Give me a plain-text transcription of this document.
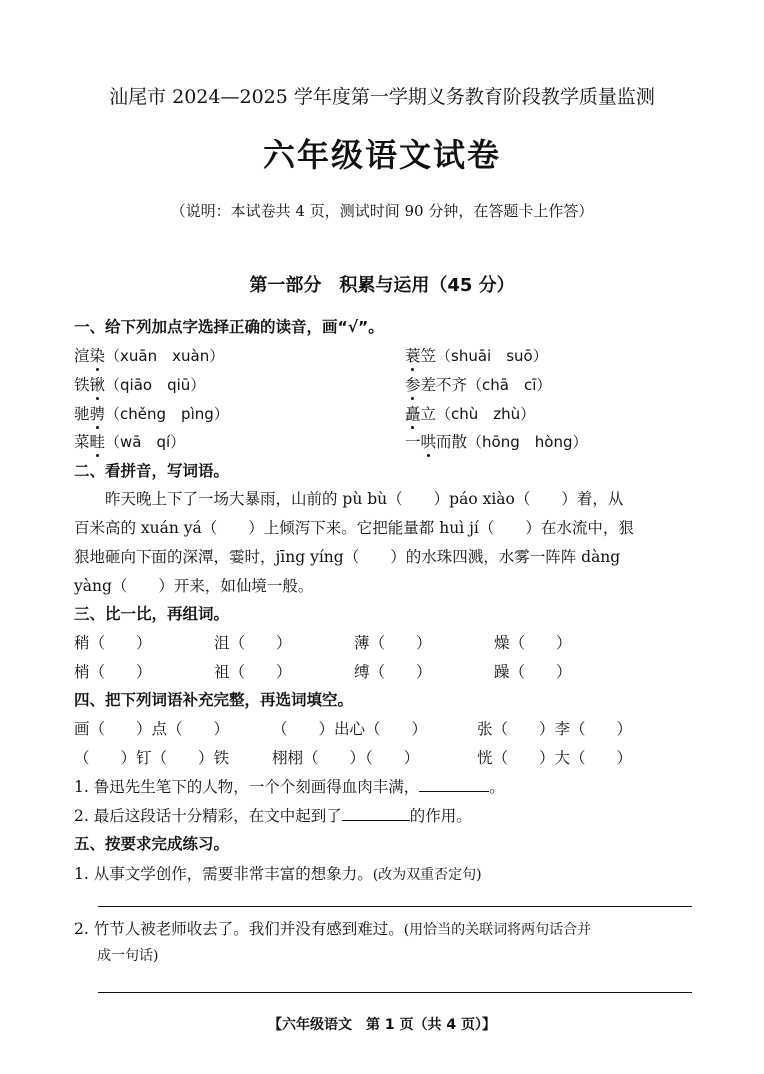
汕尾市 2024—2025 学年度第一学期义务教育阶段教学质量监测
六年级语文试卷
（说明：本试卷共 4 页，测试时间 90 分钟，在答题卡上作答）
第一部分　积累与运用（45 分）
一、给下列加点字选择正确的读音，画“√”。
渲染（xuān　xuàn）	蓑笠（shuāi　suō）
铁锹（qiāo　qiū）	参差不齐（chā　cī）
驰骋（chěng　pìng）	矗立（chù　zhù）
菜畦（wā　qí）	一哄而散（hōng　hòng）
二、看拼音，写词语。
　　昨天晚上下了一场大暴雨，山前的 pù bù（　　）páo xiào（　　）着，从
百米高的 xuán yá（　　）上倾泻下来。它把能量都 huì jí（　　）在水流中，狠
狠地砸向下面的深潭，霎时，jīng yíng（　　）的水珠四溅，水雾一阵阵 dàng
yàng（　　）开来，如仙境一般。
三、比一比，再组词。
稍（　　）	沮（　　）	薄（　　）	燥（　　）
梢（　　）	祖（　　）	缚（　　）	躁（　　）
四、把下列词语补充完整，再选词填空。
画（　　）点（　　）	（　　）出心（　　）	张（　　）李（　　）
（　　）钉（　　）铁	栩栩（　　）（　　）	恍（　　）大（　　）
1. 鲁迅先生笔下的人物，一个个刻画得血肉丰满，	。
2. 最后这段话十分精彩，在文中起到了	的作用。
五、按要求完成练习。
1. 从事文学创作，需要非常丰富的想象力。(改为双重否定句)
2. 竹节人被老师收去了。我们并没有感到难过。(用恰当的关联词将两句话合并
成一句话)
【六年级语文　第 1 页（共 4 页）】
